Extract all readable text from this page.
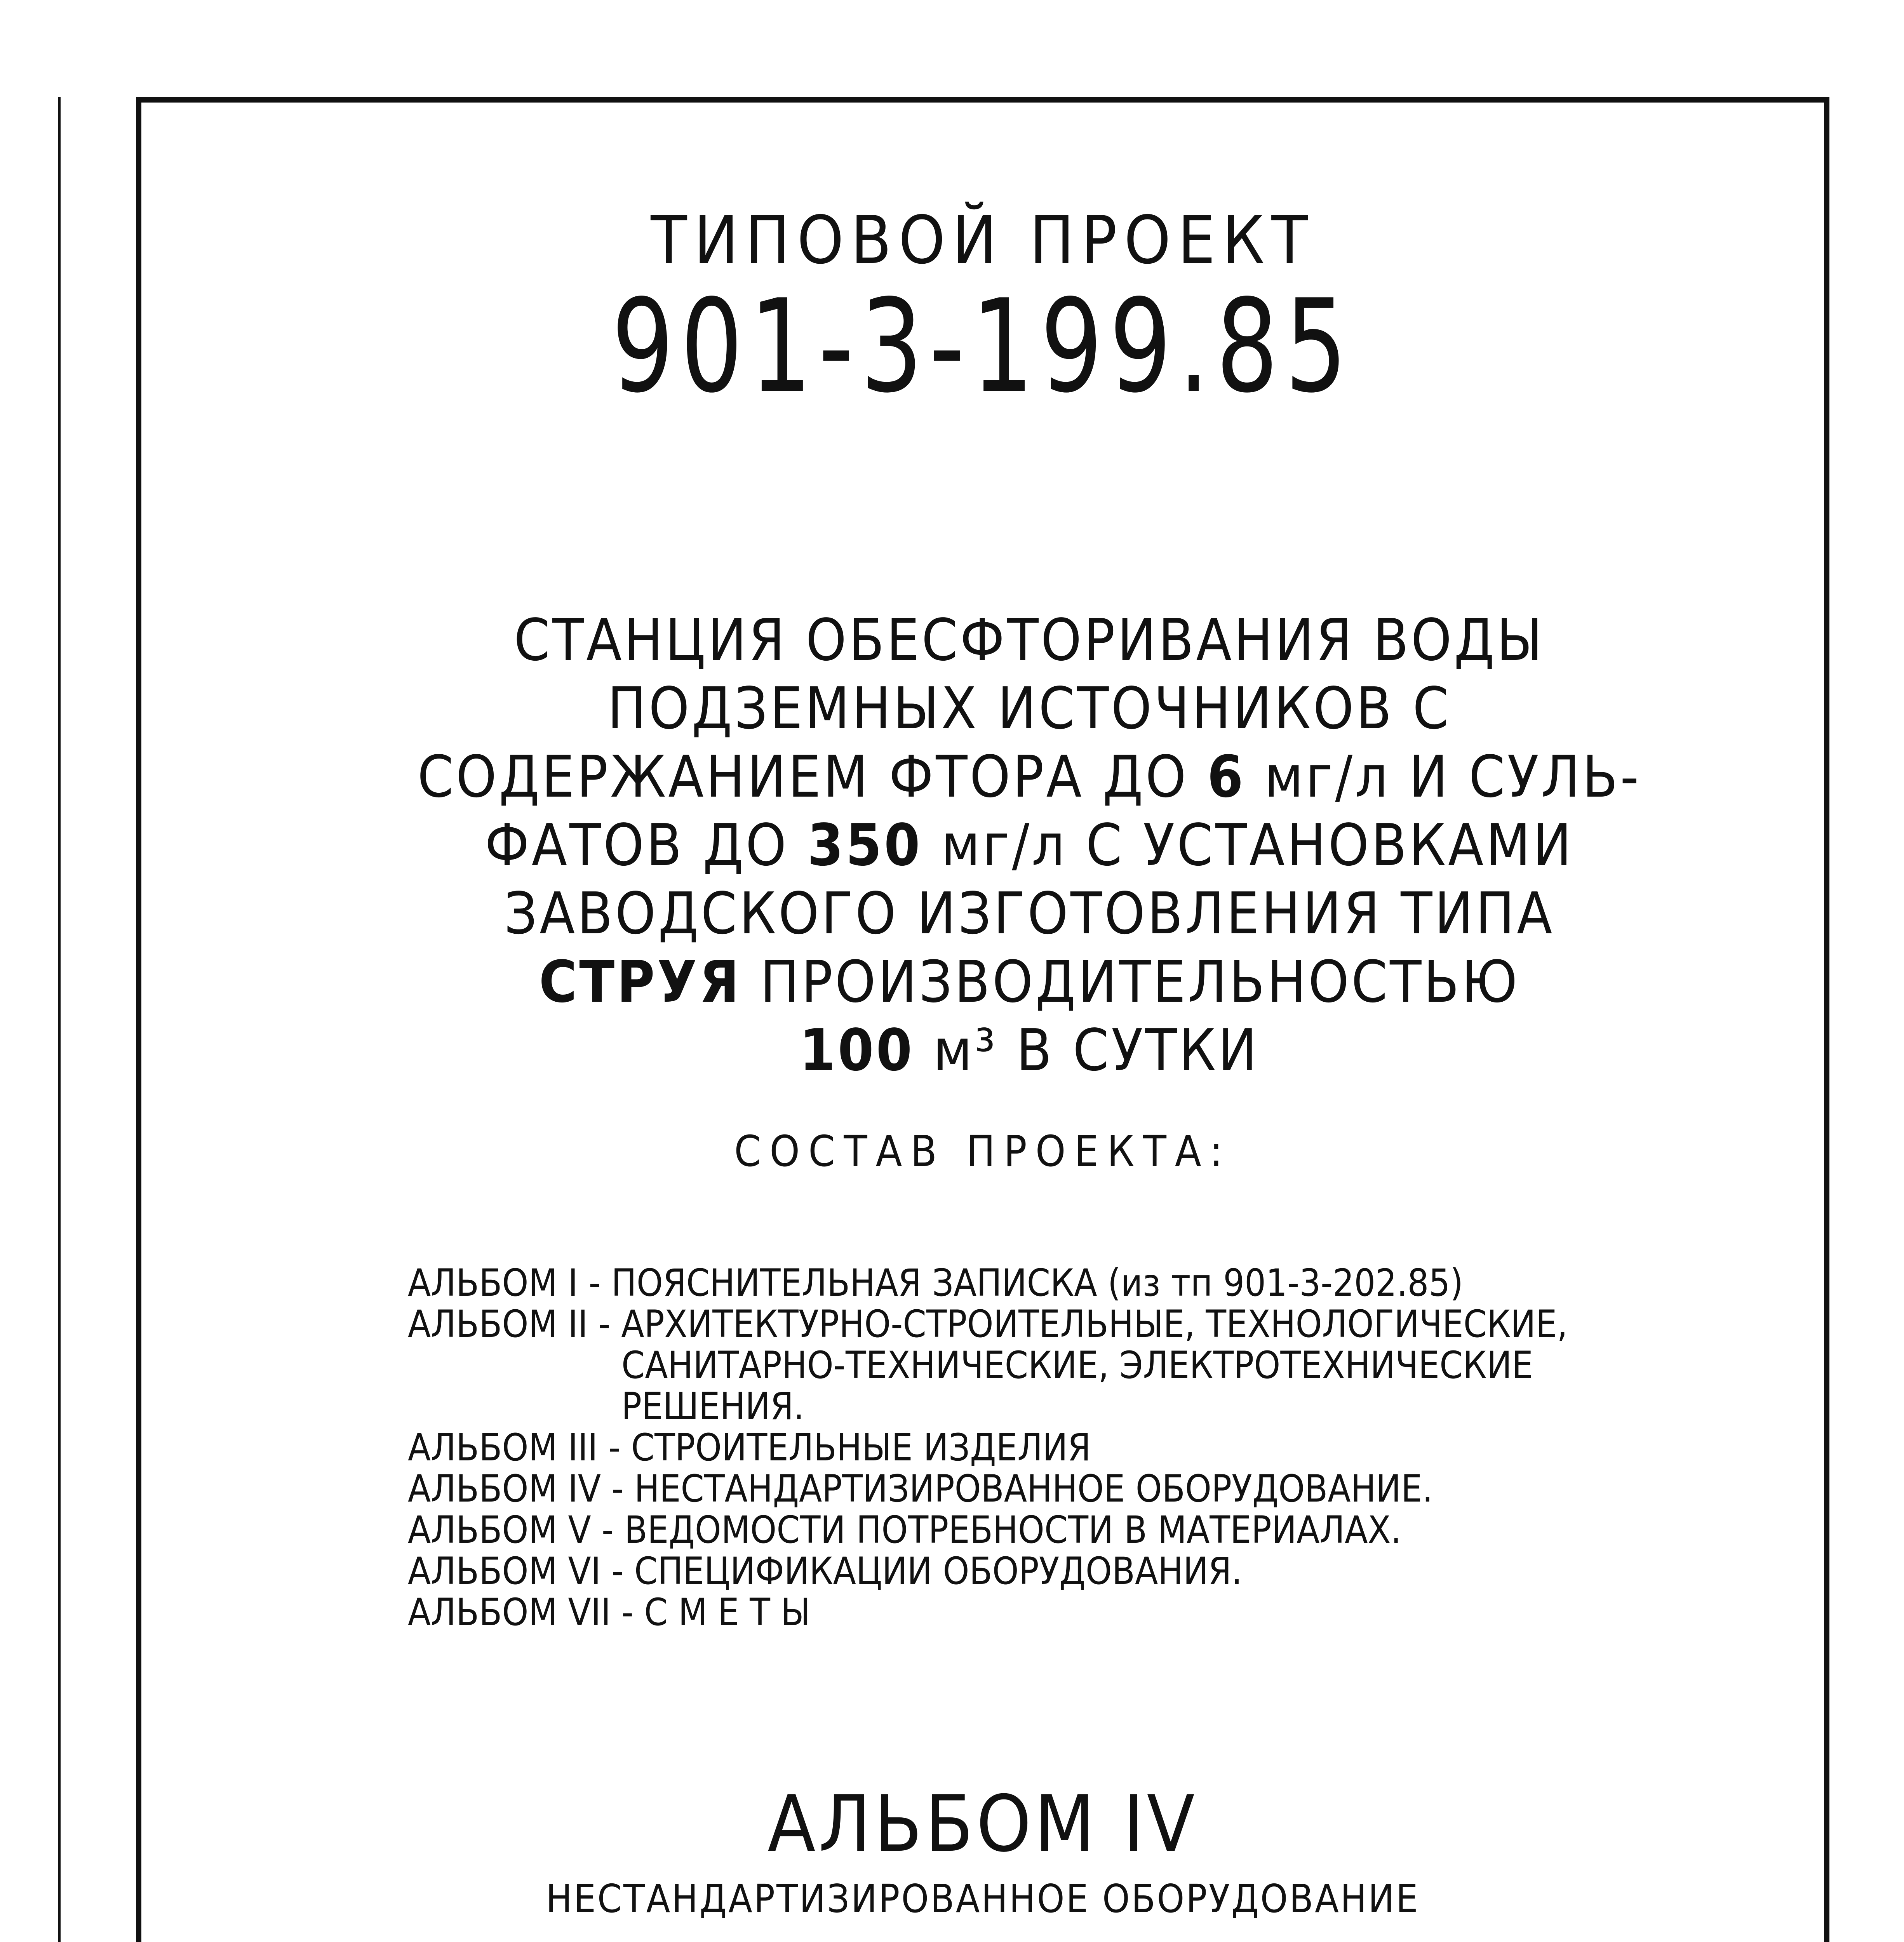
ТИПОВОЙ ПРОЕКТ
901-3-199.85
СТАНЦИЯ ОБЕСФТОРИВАНИЯ ВОДЫ
ПОДЗЕМНЫХ ИСТОЧНИКОВ С
СОДЕРЖАНИЕМ ФТОРА ДО 6 мг/л И СУЛЬ-
ФАТОВ ДО 350 мг/л С УСТАНОВКАМИ
ЗАВОДСКОГО ИЗГОТОВЛЕНИЯ ТИПА
СТРУЯ ПРОИЗВОДИТЕЛЬНОСТЬЮ
100 м³ В СУТКИ
СОСТАВ ПРОЕКТА:
АЛЬБОМ I - ПОЯСНИТЕЛЬНАЯ ЗАПИСКА (из тп 901-3-202.85)
АЛЬБОМ II - АРХИТЕКТУРНО-СТРОИТЕЛЬНЫЕ, ТЕХНОЛОГИЧЕСКИЕ,
САНИТАРНО-ТЕХНИЧЕСКИЕ, ЭЛЕКТРОТЕХНИЧЕСКИЕ
РЕШЕНИЯ.
АЛЬБОМ III - СТРОИТЕЛЬНЫЕ ИЗДЕЛИЯ
АЛЬБОМ IV - НЕСТАНДАРТИЗИРОВАННОЕ ОБОРУДОВАНИЕ.
АЛЬБОМ V - ВЕДОМОСТИ ПОТРЕБНОСТИ В МАТЕРИАЛАХ.
АЛЬБОМ VI - СПЕЦИФИКАЦИИ ОБОРУДОВАНИЯ.
АЛЬБОМ VII - С М Е Т Ы
АЛЬБОМ IV
НЕСТАНДАРТИЗИРОВАННОЕ ОБОРУДОВАНИЕ
